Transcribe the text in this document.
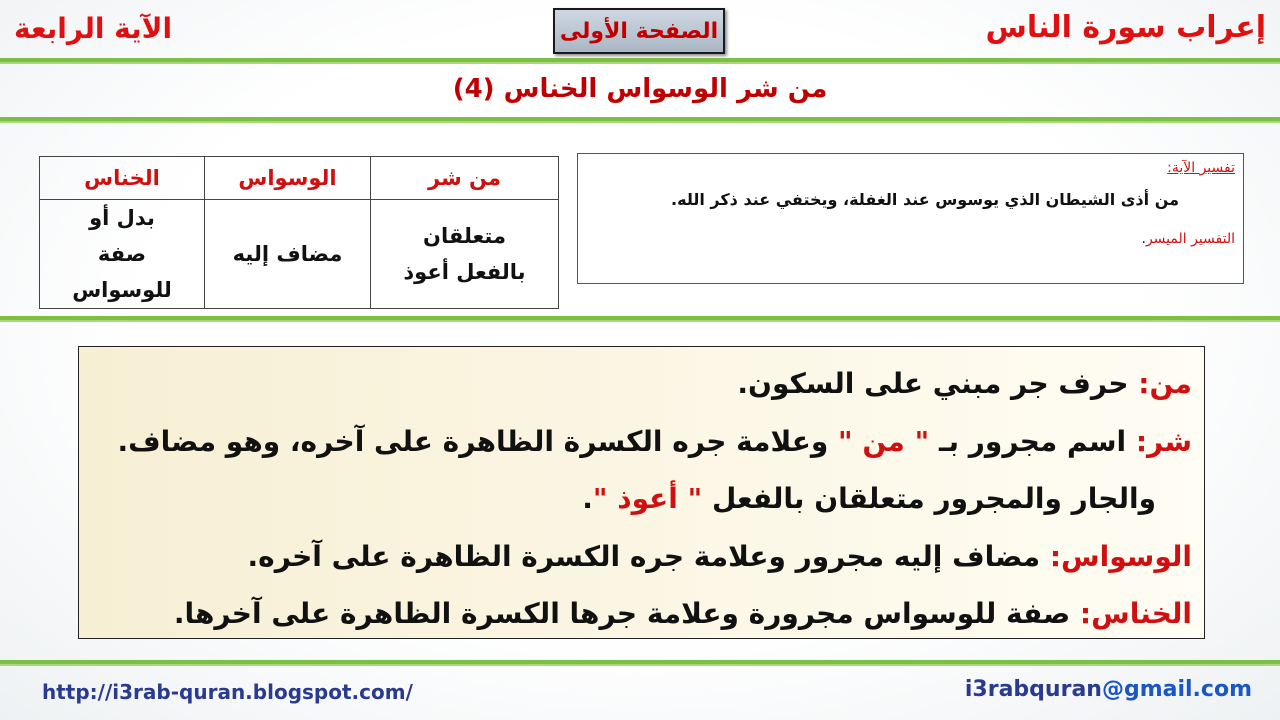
إعراب سورة الناس
الآية الرابعة	الصفحة الأولى
من شر الوسواس الخناس (4)
تفسير الآية:
من أذى الشيطان الذي يوسوس عند الغفلة، ويختفي عند ذكر الله.
التفسير الميسر.
من شر	الوسواس	الخناس
متعلقان بالفعل أعوذ	مضاف إليه	بدل أو صفة للوسواس
من: حرف جر مبني على السكون.
شر: اسم مجرور بـ " من " وعلامة جره الكسرة الظاهرة على آخره، وهو مضاف.
والجار والمجرور متعلقان بالفعل " أعوذ ".
الوسواس: مضاف إليه مجرور وعلامة جره الكسرة الظاهرة على آخره.
الخناس: صفة للوسواس مجرورة وعلامة جرها الكسرة الظاهرة على آخرها.
http://i3rab-quran.blogspot.com/	i3rabquran@gmail.com
